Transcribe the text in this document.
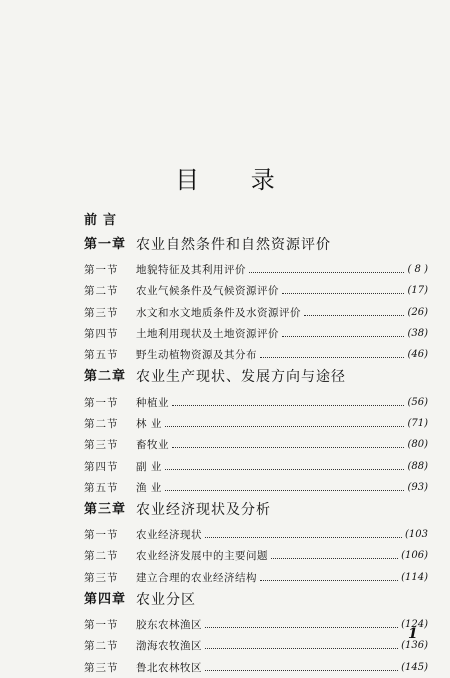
目 录
前言
第一章 农业自然条件和自然资源评价
第一节	地貌特征及其利用评价	( 8 )
第二节	农业气候条件及气候资源评价	(17)
第三节	水文和水文地质条件及水资源评价	(26)
第四节	土地利用现状及土地资源评价	(38)
第五节	野生动植物资源及其分布	(46)
第二章 农业生产现状、发展方向与途径
第一节	种植业	(56)
第二节	林 业	(71)
第三节	畜牧业	(80)
第四节	副 业	(88)
第五节	渔 业	(93)
第三章 农业经济现状及分析
第一节	农业经济现状	(103
第二节	农业经济发展中的主要问题	(106)
第三节	建立合理的农业经济结构	(114)
第四章 农业分区
第一节	胶东农林渔区	(124)
第二节	渤海农牧渔区	(136)
第三节	鲁北农林牧区	(145)
1
